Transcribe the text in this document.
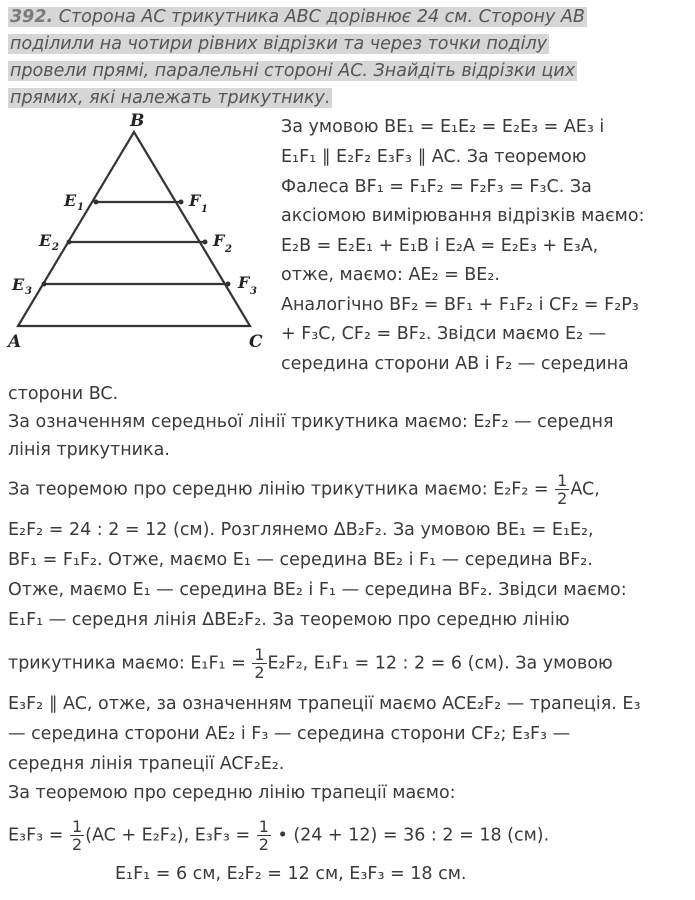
392. Сторона АС трикутника АВС дорівнює 24 см. Сторону АВ
поділили на чотири рівних відрізки та через точки поділу
провели прямі, паралельні стороні АС. Знайдіть відрізки цих
прямих, які належать трикутнику.
B
A	C
E 1
E 2
E 3
F 1
F 2
F 3
За умовою BE₁ = E₁E₂ = E₂E₃ = AE₃ і
E₁F₁ ∥ E₂F₂ E₃F₃ ∥ AC. За теоремою
Фалеса BF₁ = F₁F₂ = F₂F₃ = F₃C. За
аксіомою вимірювання відрізків маємо:
E₂B = E₂E₁ + E₁B і E₂A = E₂E₃ + E₃A,
отже, маємо: AE₂ = BE₂.
Аналогічно BF₂ = BF₁ + F₁F₂ і CF₂ = F₂P₃
+ F₃C, CF₂ = BF₂. Звідси маємо E₂ —
середина сторони AB і F₂ — середина
сторони BC.
За означенням середньої лінії трикутника маємо: E₂F₂ — середня
лінія трикутника.
За теоремою про середню лінію трикутника маємо: $E_2F_2 = \frac{1}{2}$ AC,
E₂F₂ = 24 : 2 = 12 (см). Розглянемо ΔB₂F₂. За умовою BE₁ = E₁E₂,
BF₁ = F₁F₂. Отже, маємо E₁ — середина BE₂ і F₁ — середина BF₂.
Отже, маємо E₁ — середина BE₂ і F₁ — середина BF₂. Звідси маємо:
E₁F₁ — середня лінія ΔBE₂F₂. За теоремою про середню лінію
трикутника маємо: $E_1F_1 = \frac{1}{2} E_2F_2$, E₁F₁ = 12 : 2 = 6 (см). За умовою
E₃F₂ ∥ AC, отже, за означенням трапеції маємо ACE₂F₂ — трапеція. E₃
— середина сторони AE₂ і F₃ — середина сторони CF₂; E₃F₃ —
середня лінія трапеції ACF₂E₂.
За теоремою про середню лінію трапеції маємо:
$E_3F_3 = \frac{1}{2} (AC + E_2F_2)$, $E_3F_3 = \frac{1}{2}$ • (24 + 12) = 36 : 2 = 18 (см).
E₁F₁ = 6 см, E₂F₂ = 12 см, E₃F₃ = 18 см.
